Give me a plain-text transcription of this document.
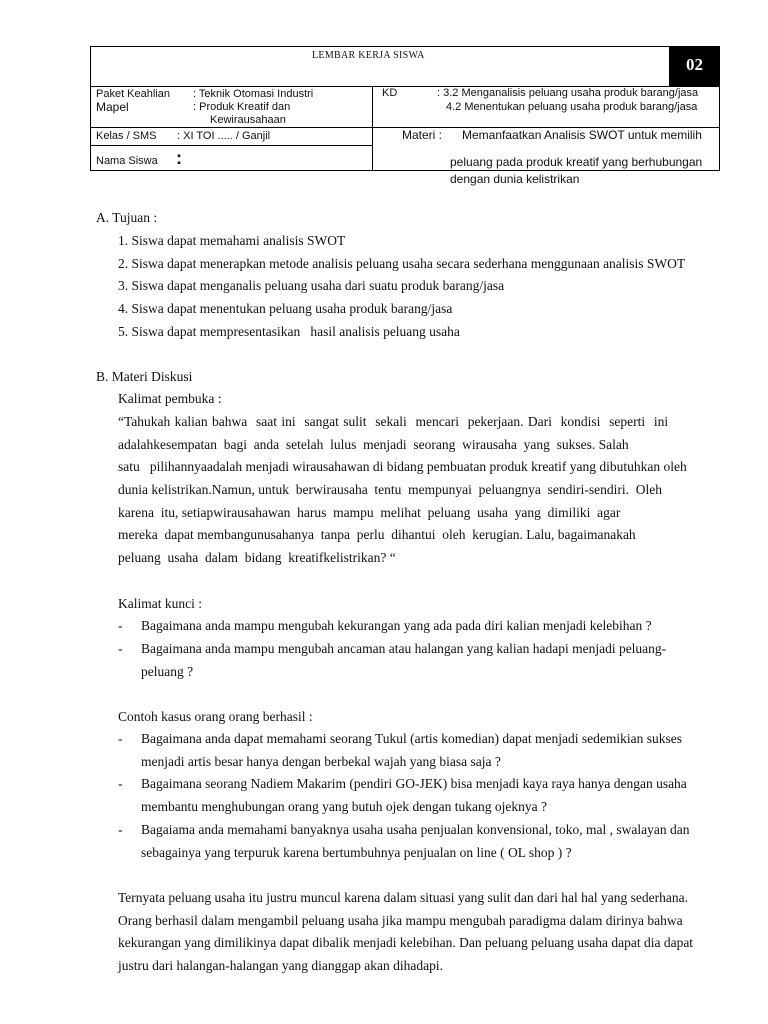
02
LEMBAR KERJA SISWA
Paket Keahlian : Teknik Otomasi Industri
Mapel	: Produk Kreatif dan
Kewirausahaan
KD	: 3.2 Menganalisis peluang usaha produk barang/jasa
4.2 Menentukan peluang usaha produk barang/jasa
Kelas / SMS : XI TOI ..... / Ganjil	Materi : Memanfaatkan Analisis SWOT untuk memilih
peluang pada produk kreatif yang berhubungan
dengan dunia kelistrikan
Nama Siswa :
A. Tujuan :
1. Siswa dapat memahami analisis SWOT
2. Siswa dapat menerapkan metode analisis peluang usaha secara sederhana menggunaan analisis SWOT
3. Siswa dapat menganalis peluang usaha dari suatu produk barang/jasa
4. Siswa dapat menentukan peluang usaha produk barang/jasa
5. Siswa dapat mempresentasikan   hasil analisis peluang usaha
B. Materi Diskusi
Kalimat pembuka :
“Tahukah kalian bahwa  saat ini  sangat sulit  sekali  mencari  pekerjaan. Dari  kondisi  seperti  ini
adalahkesempatan  bagi  anda  setelah  lulus  menjadi  seorang  wirausaha  yang  sukses. Salah
satu   pilihannyaadalah menjadi wirausahawan di bidang pembuatan produk kreatif yang dibutuhkan oleh
dunia kelistrikan.Namun, untuk  berwirausaha  tentu  mempunyai  peluangnya  sendiri-sendiri.  Oleh
karena  itu, setiapwirausahawan  harus  mampu  melihat  peluang  usaha  yang  dimiliki  agar
mereka  dapat membangunusahanya  tanpa  perlu  dihantui  oleh  kerugian. Lalu, bagaimanakah
peluang  usaha  dalam  bidang  kreatifkelistrikan? “
Kalimat kunci :
- Bagaimana anda mampu mengubah kekurangan yang ada pada diri kalian menjadi kelebihan ?
- Bagaimana anda mampu mengubah ancaman atau halangan yang kalian hadapi menjadi peluang-
peluang ?
Contoh kasus orang orang berhasil :
- Bagaimana anda dapat memahami seorang Tukul (artis komedian) dapat menjadi sedemikian sukses
menjadi artis besar hanya dengan berbekal wajah yang biasa saja ?
- Bagaimana seorang Nadiem Makarim (pendiri GO-JEK) bisa menjadi kaya raya hanya dengan usaha
membantu menghubungan orang yang butuh ojek dengan tukang ojeknya ?
- Bagaiama anda memahami banyaknya usaha usaha penjualan konvensional, toko, mal , swalayan dan
sebagainya yang terpuruk karena bertumbuhnya penjualan on line ( OL shop ) ?
Ternyata peluang usaha itu justru muncul karena dalam situasi yang sulit dan dari hal hal yang sederhana.
Orang berhasil dalam mengambil peluang usaha jika mampu mengubah paradigma dalam dirinya bahwa
kekurangan yang dimilikinya dapat dibalik menjadi kelebihan. Dan peluang peluang usaha dapat dia dapat
justru dari halangan-halangan yang dianggap akan dihadapi.
